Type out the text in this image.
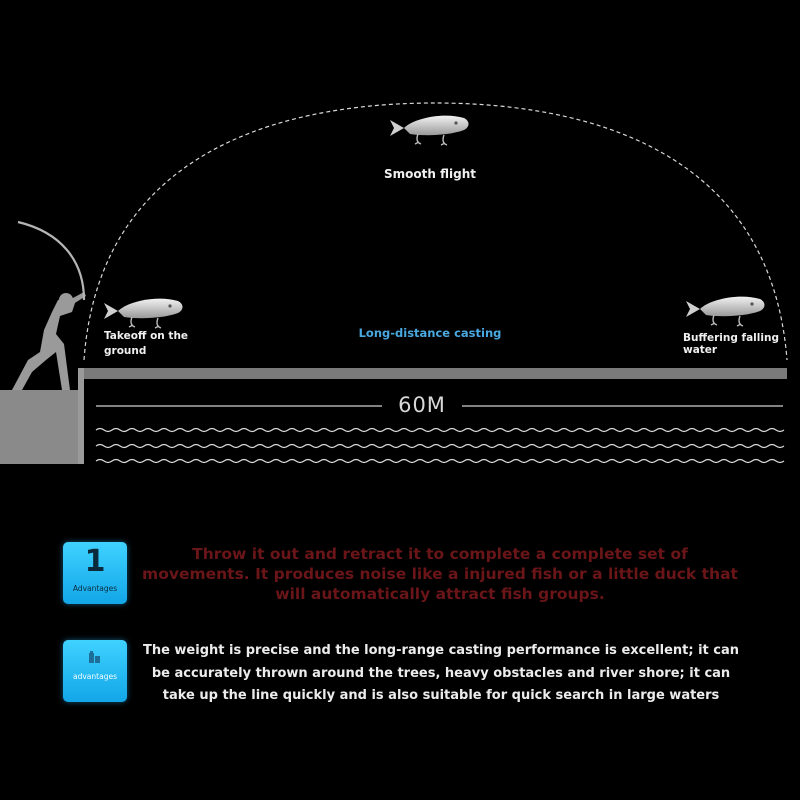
Smooth flight
Takeoff on the ground
Buffering falling water
Long-distance casting
60M
1
Advantages
Throw it out and retract it to complete a complete set of movements. It produces noise like a injured fish or a little duck that will automatically attract fish groups.
advantages
The weight is precise and the long-range casting performance is excellent; it can be accurately thrown around the trees, heavy obstacles and river shore; it can take up the line quickly and is also suitable for quick search in large waters
